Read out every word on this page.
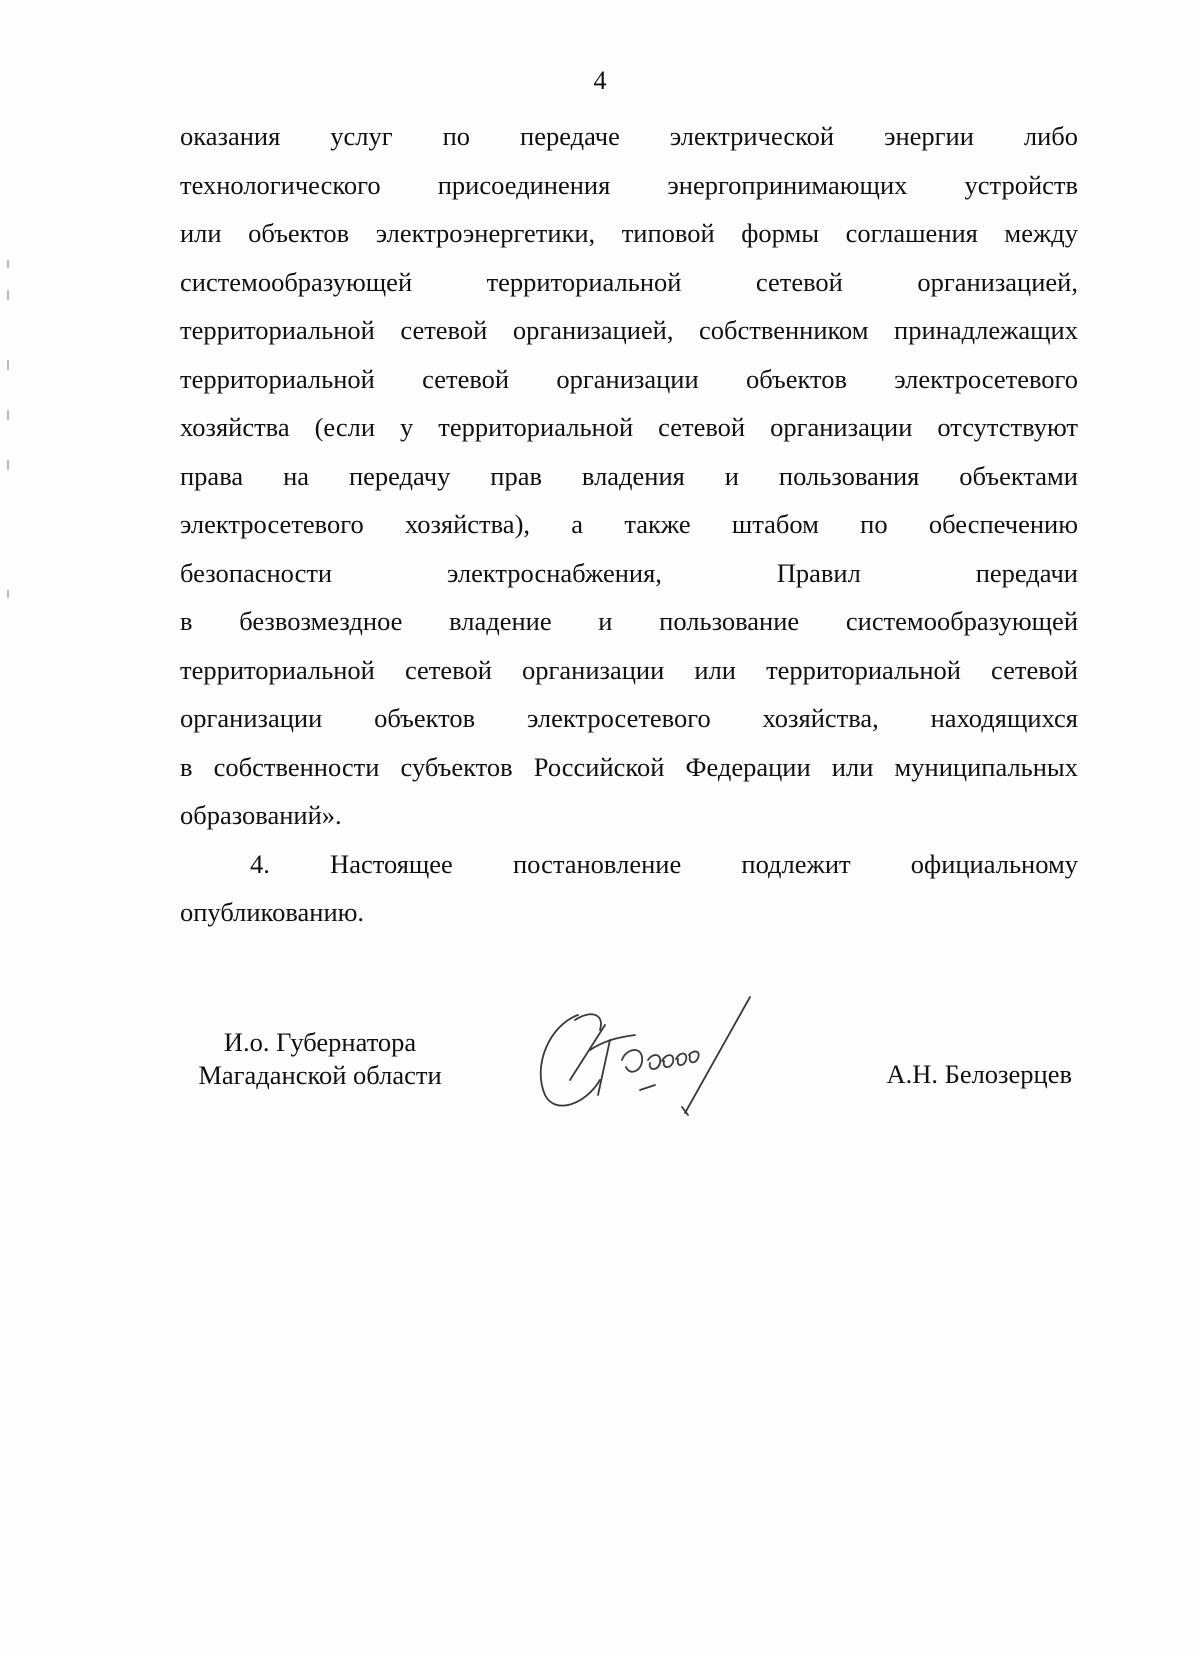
4
оказания услуг по передаче электрической энергии либо
технологического присоединения энергопринимающих устройств
или объектов электроэнергетики, типовой формы соглашения между
системообразующей территориальной сетевой организацией,
территориальной сетевой организацией, собственником принадлежащих
территориальной сетевой организации объектов электросетевого
хозяйства (если у территориальной сетевой организации отсутствуют
права на передачу прав владения и пользования объектами
электросетевого хозяйства), а также штабом по обеспечению
безопасности электроснабжения, Правил передачи
в безвозмездное владение и пользование системообразующей
территориальной сетевой организации или территориальной сетевой
организации объектов электросетевого хозяйства, находящихся
в собственности субъектов Российской Федерации или муниципальных
образований».
4. Настоящее постановление подлежит официальному
опубликованию.
И.о. Губернатора
Магаданской области	А.Н. Белозерцев
